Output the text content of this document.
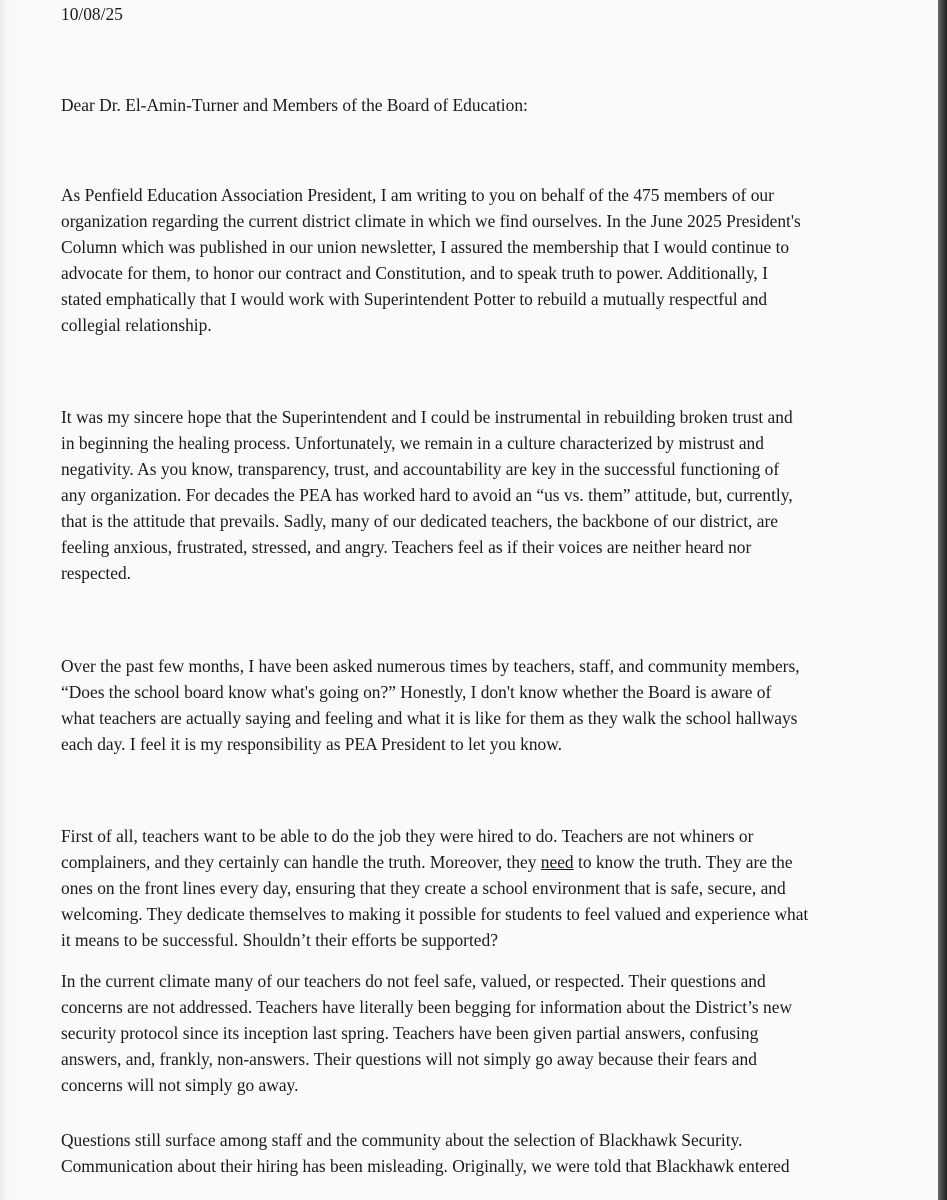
10/08/25
Dear Dr. El-Amin-Turner and Members of the Board of Education:

As Penfield Education Association President, I am writing to you on behalf of the 475 members of our
organization regarding the current district climate in which we find ourselves. In the June 2025 President's
Column which was published in our union newsletter, I assured the membership that I would continue to
advocate for them, to honor our contract and Constitution, and to speak truth to power. Additionally, I
stated emphatically that I would work with Superintendent Potter to rebuild a mutually respectful and
collegial relationship.

It was my sincere hope that the Superintendent and I could be instrumental in rebuilding broken trust and
in beginning the healing process. Unfortunately, we remain in a culture characterized by mistrust and
negativity. As you know, transparency, trust, and accountability are key in the successful functioning of
any organization. For decades the PEA has worked hard to avoid an “us vs. them” attitude, but, currently,
that is the attitude that prevails. Sadly, many of our dedicated teachers, the backbone of our district, are
feeling anxious, frustrated, stressed, and angry. Teachers feel as if their voices are neither heard nor
respected.

Over the past few months, I have been asked numerous times by teachers, staff, and community members,
“Does the school board know what's going on?” Honestly, I don't know whether the Board is aware of
what teachers are actually saying and feeling and what it is like for them as they walk the school hallways
each day. I feel it is my responsibility as PEA President to let you know.

First of all, teachers want to be able to do the job they were hired to do. Teachers are not whiners or
complainers, and they certainly can handle the truth. Moreover, they need to know the truth. They are the
ones on the front lines every day, ensuring that they create a school environment that is safe, secure, and
welcoming. They dedicate themselves to making it possible for students to feel valued and experience what
it means to be successful. Shouldn’t their efforts be supported?

In the current climate many of our teachers do not feel safe, valued, or respected. Their questions and
concerns are not addressed. Teachers have literally been begging for information about the District’s new
security protocol since its inception last spring. Teachers have been given partial answers, confusing
answers, and, frankly, non-answers. Their questions will not simply go away because their fears and
concerns will not simply go away.

Questions still surface among staff and the community about the selection of Blackhawk Security.
Communication about their hiring has been misleading. Originally, we were told that Blackhawk entered
